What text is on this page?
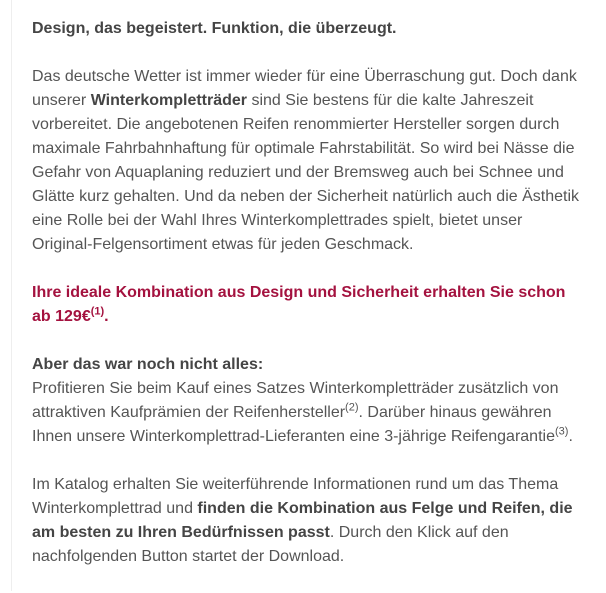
Design, das begeistert. Funktion, die überzeugt.

Das deutsche Wetter ist immer wieder für eine Überraschung gut. Doch dank unserer Winterkompletträder sind Sie bestens für die kalte Jahreszeit vorbereitet. Die angebotenen Reifen renommierter Hersteller sorgen durch maximale Fahrbahnhaftung für optimale Fahrstabilität. So wird bei Nässe die Gefahr von Aquaplaning reduziert und der Bremsweg auch bei Schnee und Glätte kurz gehalten. Und da neben der Sicherheit natürlich auch die Ästhetik eine Rolle bei der Wahl Ihres Winterkomplettrades spielt, bietet unser Original-Felgensortiment etwas für jeden Geschmack.

Ihre ideale Kombination aus Design und Sicherheit erhalten Sie schon ab 129€$^{(1)}$.

Aber das war noch nicht alles:
Profitieren Sie beim Kauf eines Satzes Winterkompletträder zusätzlich von attraktiven Kaufprämien der Reifenhersteller$^{(2)}$. Darüber hinaus gewähren Ihnen unsere Winterkomplettrad-Lieferanten eine 3-jährige Reifengarantie$^{(3)}$.

Im Katalog erhalten Sie weiterführende Informationen rund um das Thema Winterkomplettrad und finden die Kombination aus Felge und Reifen, die am besten zu Ihren Bedürfnissen passt. Durch den Klick auf den nachfolgenden Button startet der Download.
